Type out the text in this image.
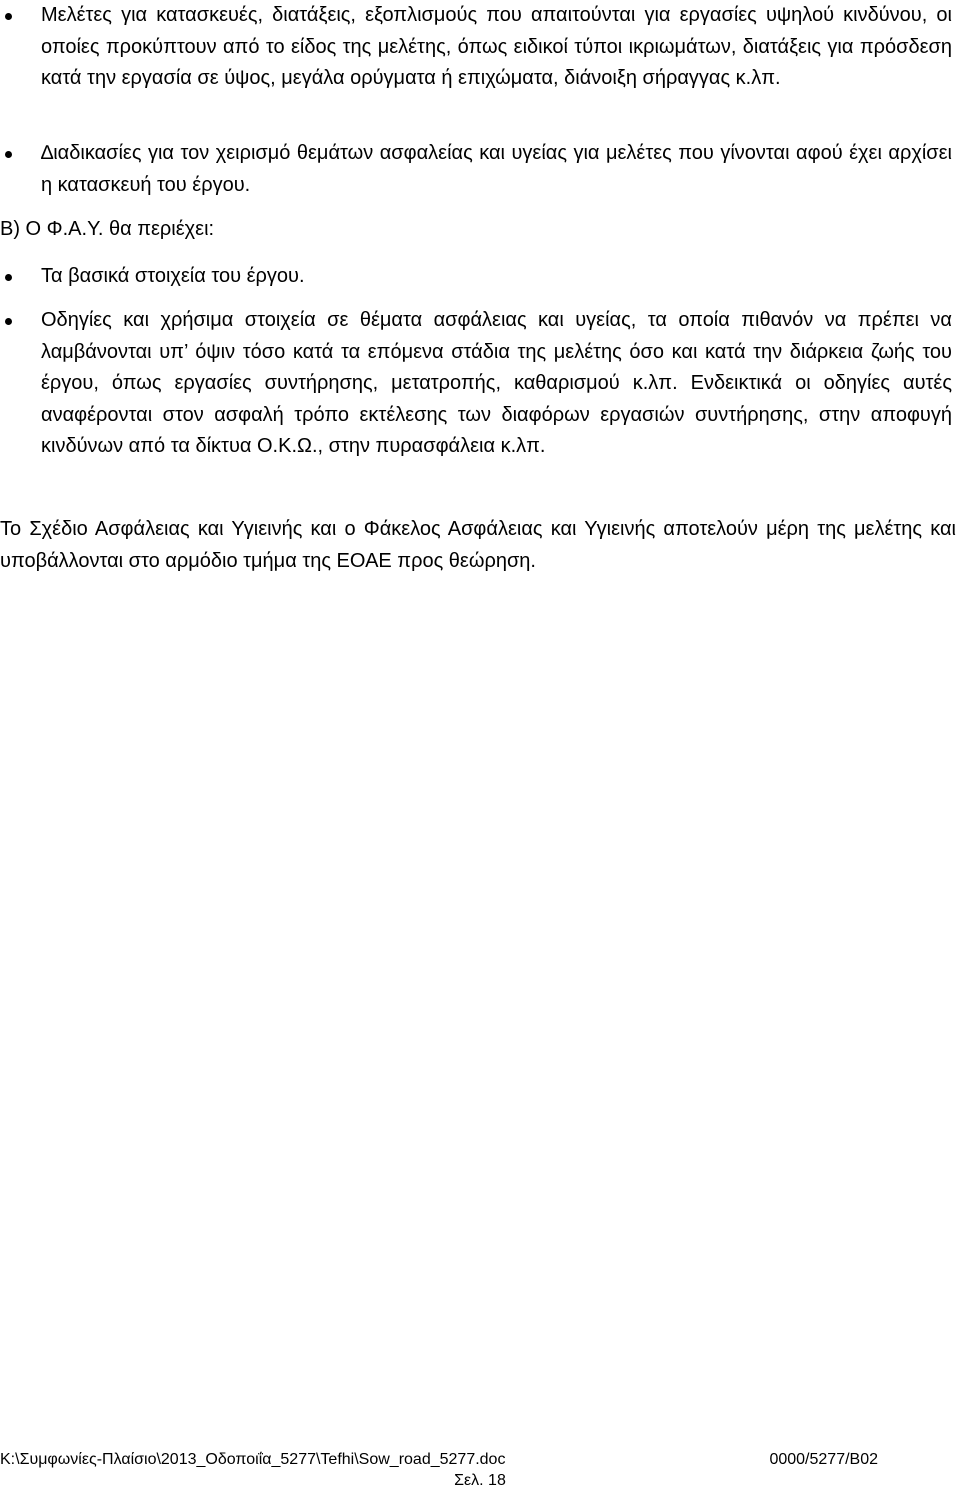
Μελέτες για κατασκευές, διατάξεις, εξοπλισμούς που απαιτούνται για εργασίες υψηλού κινδύνου, οι οποίες προκύπτουν από το είδος της μελέτης, όπως ειδικοί τύποι ικριωμάτων, διατάξεις για πρόσδεση κατά την εργασία σε ύψος, μεγάλα ορύγματα ή επιχώματα, διάνοιξη σήραγγας κ.λπ.

∆ιαδικασίες για τον χειρισμό θεμάτων ασφαλείας και υγείας για μελέτες που γίνονται αφού έχει αρχίσει η κατασκευή του έργου.

Β) Ο Φ.Α.Υ. θα περιέχει:

Τα βασικά στοιχεία του έργου.

Οδηγίες και χρήσιμα στοιχεία σε θέματα ασφάλειας και υγείας, τα οποία πιθανόν να πρέπει να λαμβάνονται υπ’ όψιν τόσο κατά τα επόμενα στάδια της μελέτης όσο και κατά την διάρκεια ζωής του έργου, όπως εργασίες συντήρησης, μετατροπής, καθαρισμού κ.λπ. Ενδεικτικά οι οδηγίες αυτές αναφέρονται στον ασφαλή τρόπο εκτέλεσης των διαφόρων εργασιών συντήρησης, στην αποφυγή κινδύνων από τα δίκτυα Ο.Κ.Ω., στην πυρασφάλεια κ.λπ.

Το Σχέδιο Ασφάλειας και Υγιεινής και ο Φάκελος Ασφάλειας και Υγιεινής αποτελούν μέρη της μελέτης και υποβάλλονται στο αρμόδιο τμήμα της ΕΟΑΕ προς θεώρηση.

K:\Συμφωνίες-Πλαίσιο\2013_Οδοποιΐα_5277\Tefhi\Sow_road_5277.doc	0000/5277/B02
Σελ. 18
